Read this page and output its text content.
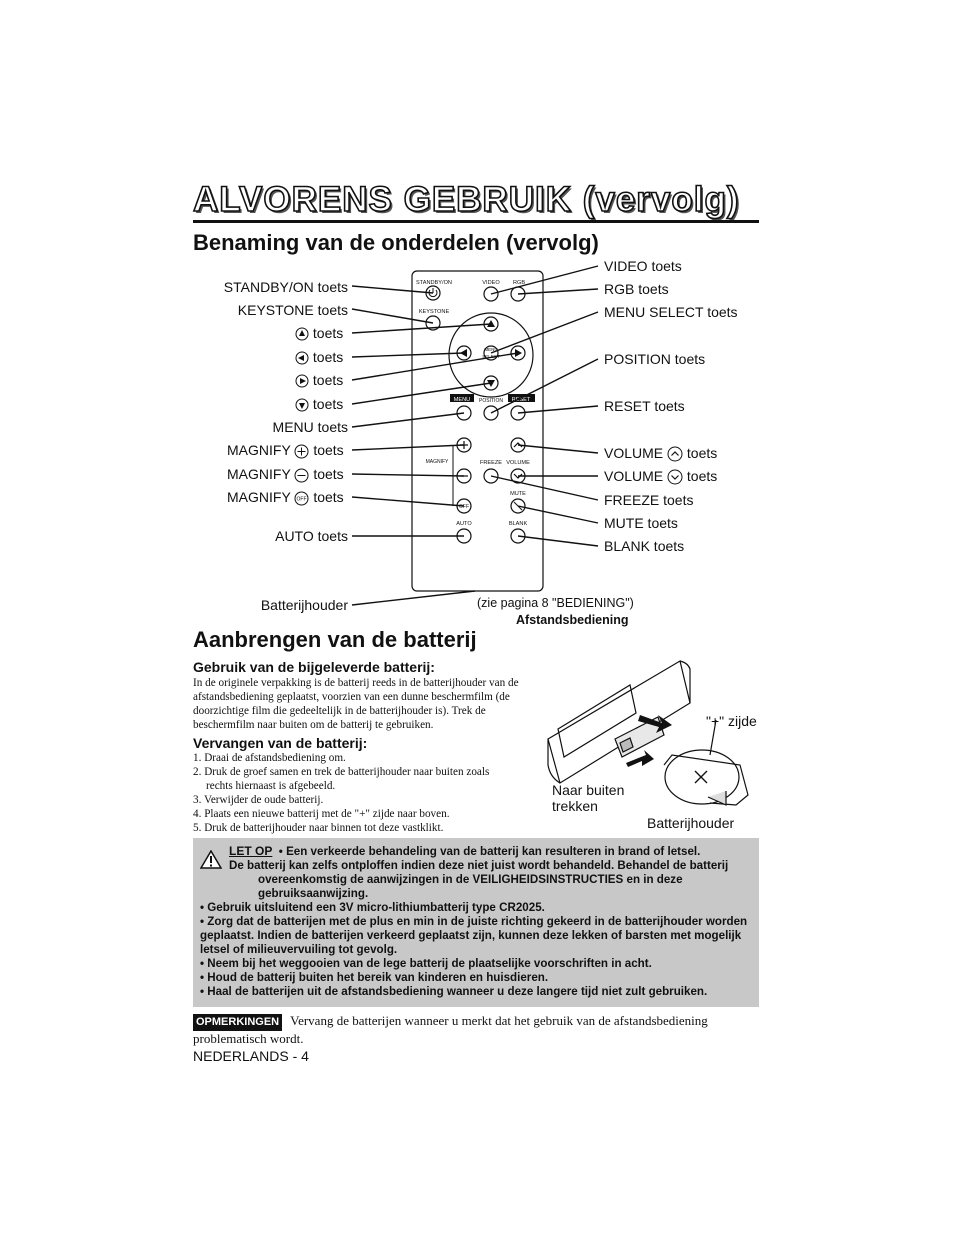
ALVORENS GEBRUIK (vervolg)
Benaming van de onderdelen (vervolg)
STANDBY/ON	VIDEO RGB
KEYSTONE
MENU
SELECT
MENU POSITION RESET
MAGNIFY	FREEZE VOLUME
OFF
MUTE
AUTO	BLANK
STANDBY/ON toets
KEYSTONE toets
toets
toets
toets
toets
MENU toets
MAGNIFY toets
MAGNIFY toets
MAGNIFY OFF toets
AUTO toets
Batterijhouder
VIDEO toets
RGB toets
MENU SELECT toets
POSITION toets
RESET toets
VOLUME toets
VOLUME toets
FREEZE toets
MUTE toets
BLANK toets
(zie pagina 8 "BEDIENING")
Afstandsbediening
Aanbrengen van de batterij
Gebruik van de bijgeleverde batterij:
In de originele verpakking is de batterij reeds in de batterijhouder van de afstandsbediening geplaatst, voorzien van een dunne beschermfilm (de doorzichtige film die gedeeltelijk in de batterijhouder is). Trek de beschermfilm naar buiten om de batterij te gebruiken.
Vervangen van de batterij:
1. Draai de afstandsbediening om.
2. Druk de groef samen en trek de batterijhouder naar buiten zoals
rechts hiernaast is afgebeeld.
3. Verwijder de oude batterij.
4. Plaats een nieuwe batterij met de "+" zijde naar boven.
5. Druk de batterijhouder naar binnen tot deze vastklikt.
"+" zijde
Naar buiten
trekken
Batterijhouder

LET OP • Een verkeerde behandeling van de batterij kan resulteren in brand of letsel.

De batterij kan zelfs ontploffen indien deze niet juist wordt behandeld. Behandel de batterij overeenkomstig de aanwijzingen in de VEILIGHEIDSINSTRUCTIES en in deze gebruiksaanwijzing.

• Gebruik uitsluitend een 3V micro-lithiumbatterij type CR2025.

• Zorg dat de batterijen met de plus en min in de juiste richting gekeerd in de batterijhouder worden geplaatst. Indien de batterijen verkeerd geplaatst zijn, kunnen deze lekken of barsten met mogelijk letsel of milieuvervuiling tot gevolg.

• Neem bij het weggooien van de lege batterij de plaatselijke voorschriften in acht.

• Houd de batterij buiten het bereik van kinderen en huisdieren.

• Haal de batterijen uit de afstandsbediening wanneer u deze langere tijd niet zult gebruiken.

OPMERKINGEN Vervang de batterijen wanneer u merkt dat het gebruik van de afstandsbediening problematisch wordt.
NEDERLANDS - 4
